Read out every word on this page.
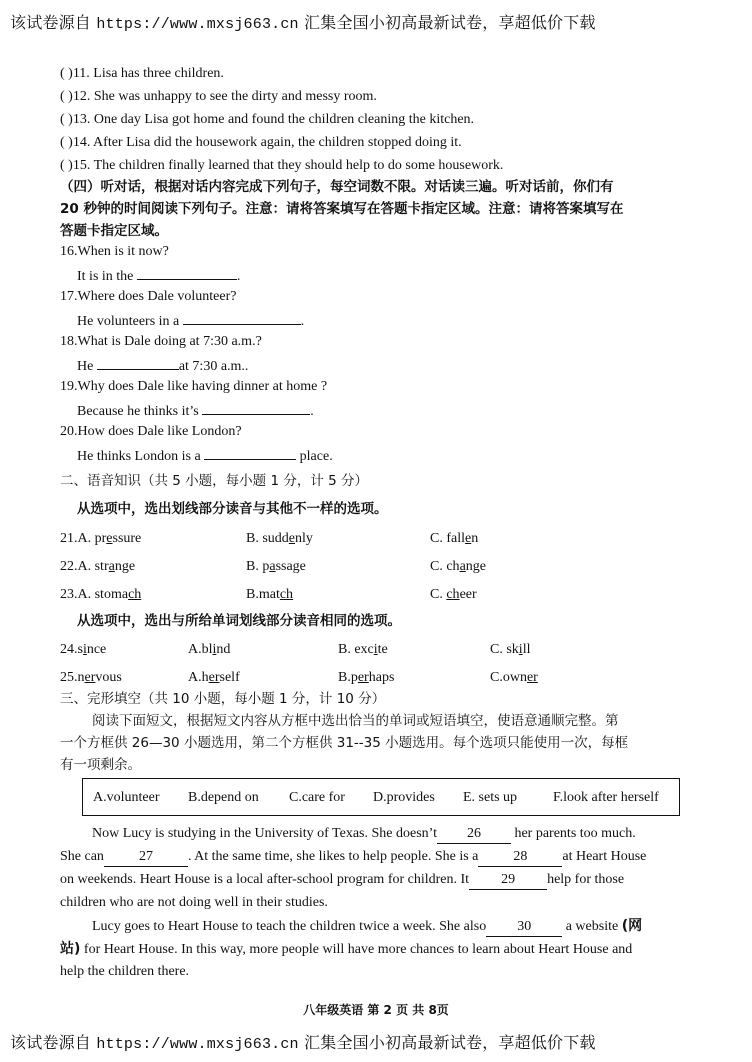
该试卷源自 https://www.mxsj663.cn 汇集全国小初高最新试卷，享超低价下载
( )11. Lisa has three children.
( )12. She was unhappy to see the dirty and messy room.
( )13. One day Lisa got home and found the children cleaning the kitchen.
( )14. After Lisa did the housework again, the children stopped doing it.
( )15. The children finally learned that they should help to do some housework.
（四）听对话，根据对话内容完成下列句子，每空词数不限。对话读三遍。听对话前，你们有
20 秒钟的时间阅读下列句子。注意：请将答案填写在答题卡指定区域。注意：请将答案填写在
答题卡指定区域。
16.When is it now?
It is in the	.
17.Where does Dale volunteer?
He volunteers in a	.
18.What is Dale doing at 7:30 a.m.?
He	at 7:30 a.m..
19.Why does Dale like having dinner at home ?
Because he thinks it’s	.
20.How does Dale like London?
He thinks London is a	place.
二、语音知识（共 5 小题，每小题 1 分，计 5 分）
从选项中，选出划线部分读音与其他不一样的选项。
21.A. pressure	B. suddenly	C. fallen
22.A. strange	B. passage	C. change
23.A. stomach	B.match	C. cheer
从选项中，选出与所给单词划线部分读音相同的选项。
24.since	A.blind	B. excite	C. skill
25.nervous	A.herself	B.perhaps	C.owner
三、完形填空（共 10 小题，每小题 1 分，计 10 分）
阅读下面短文，根据短文内容从方框中选出恰当的单词或短语填空，使语意通顺完整。第
一个方框供 26—30 小题选用，第二个方框供 31--35 小题选用。每个选项只能使用一次，每框
有一项剩余。
A.volunteer B.depend on C.care for D.provides E. sets up	F.look after herself
Now Lucy is studying in the University of Texas. She doesn’t 26 her parents too much.
She can	27	. At the same time, she likes to help people. She is a	28	at Heart House
on weekends. Heart House is a local after-school program for children. It 29 help for those
children who are not doing well in their studies.
Lucy goes to Heart House to teach the children twice a week. She also 30 a website (网
站) for Heart House. In this way, more people will have more chances to learn about Heart House and
help the children there.
八年级英语 第 2 页 共 8页
该试卷源自 https://www.mxsj663.cn 汇集全国小初高最新试卷，享超低价下载
